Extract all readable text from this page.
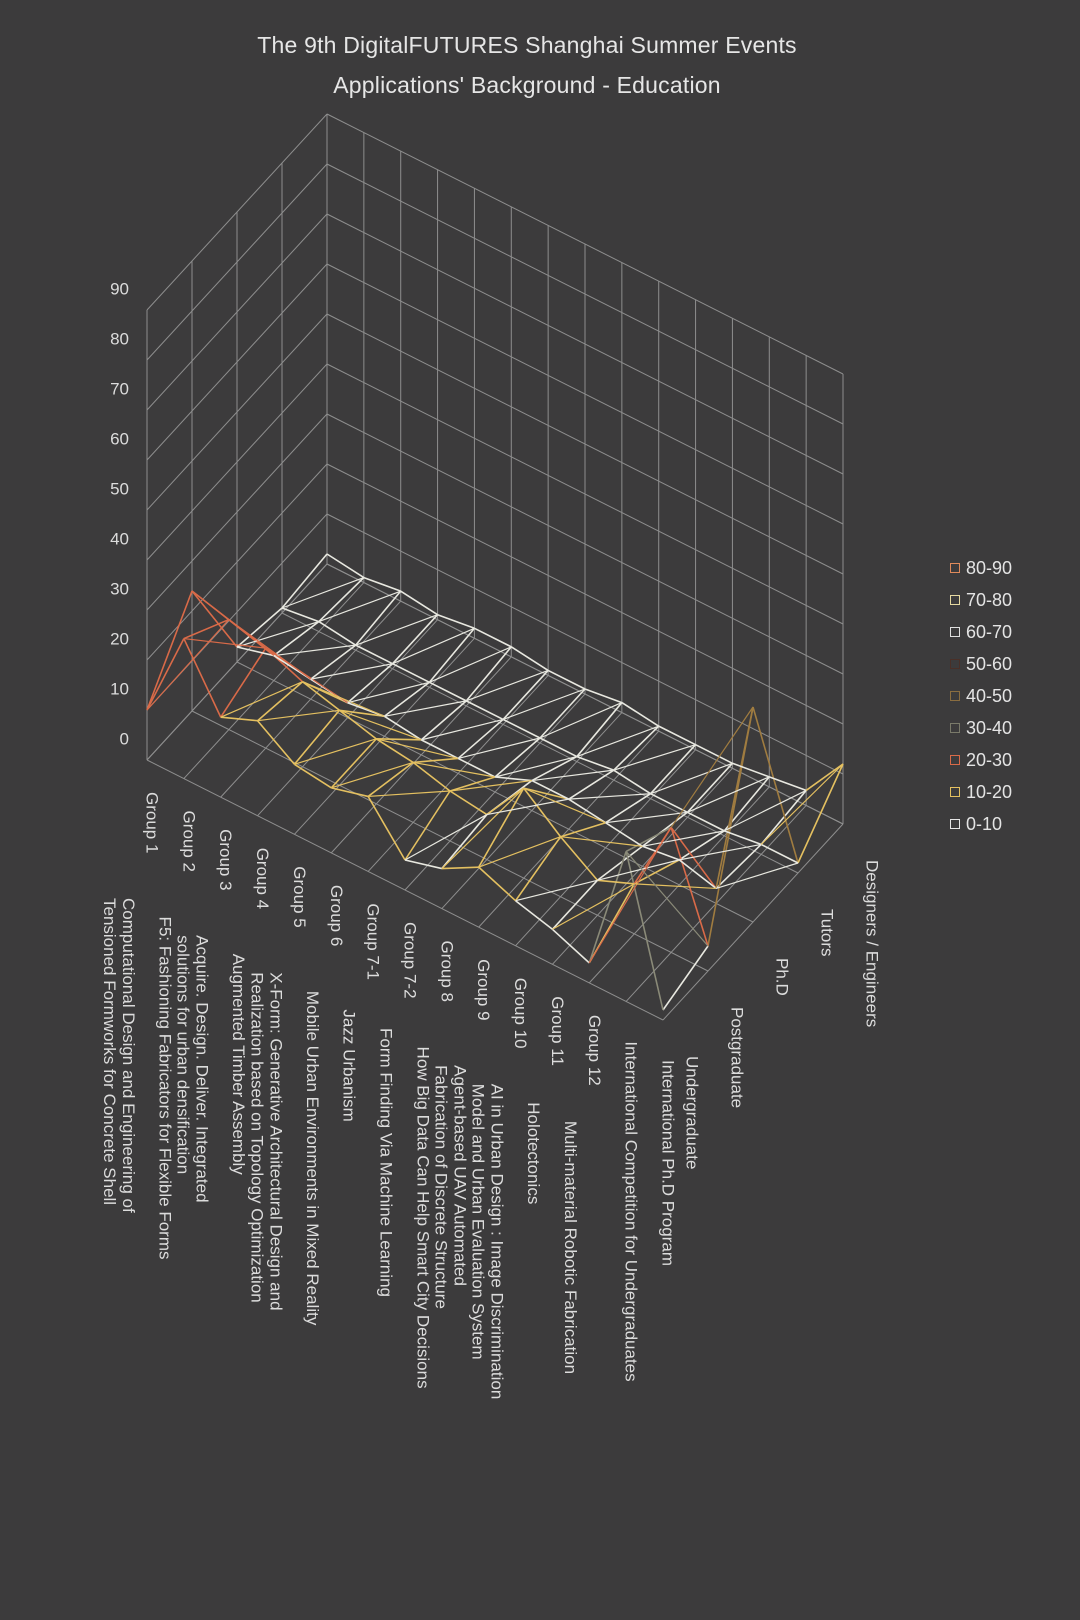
The 9th DigitalFUTURES Shanghai Summer Events
Applications' Background - Education
0
10
20
30
40
50
60
70
80
90
Group 1
Computational Design and Engineering ofTensioned Formworks for Concrete Shell
Group 2
F5: Fashioning Fabricators for Flexible Forms
Group 3
Acquire. Design. Deliver. Integratedsolutions for urban densification
Group 4
Augmented Timber Assembly
Group 5
X-Form: Generative Architectural Design andRealization based on Topology Optimization
Group 6
Mobile Urban Environments in Mixed Reality
Group 7-1
Jazz Urbanism
Group 7-2
Form Finding Via Machine Learning
Group 8
How Big Data Can Help Smart City Decisions
Group 9
Agent-based UAV AutomatedFabrication of Discrete Structure
Group 10
AI in Urban Design : Image DiscriminationModel and Urban Evaluation System
Group 11
Holotectonics
Group 12
Multi-material Robotic Fabrication International Competition for Undergraduates International Ph.D Program Undergraduate Postgraduate
Ph.D
Tutors Designers / Engineers
80-90
70-80
60-70
50-60
40-50
30-40
20-30
10-20
0-10
